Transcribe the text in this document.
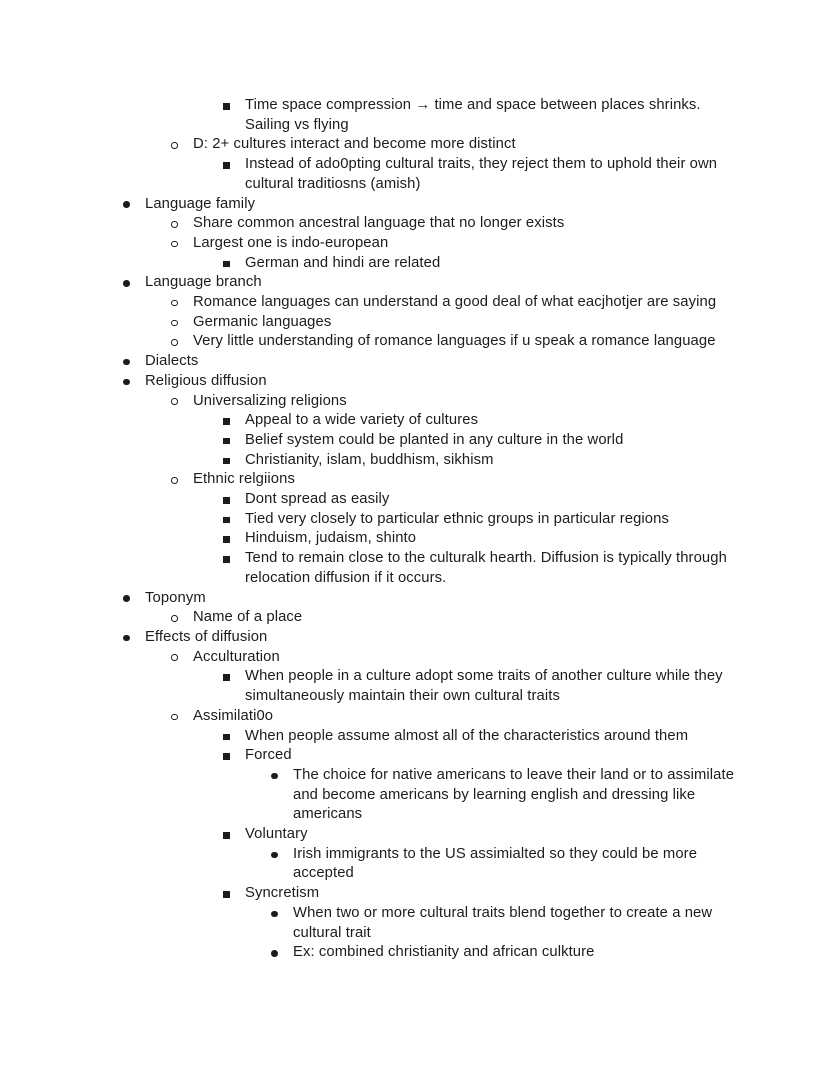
Time space compression → time and space between places shrinks.
Sailing vs flying
D: 2+ cultures interact and become more distinct
Instead of ado0pting cultural traits, they reject them to uphold their own
cultural traditiosns (amish)
Language family
Share common ancestral language that no longer exists
Largest one is indo-european
German and hindi are related
Language branch
Romance languages can understand a good deal of what eacjhotjer are saying
Germanic languages
Very little understanding of romance languages if u speak a romance language
Dialects
Religious diffusion
Universalizing religions
Appeal to a wide variety of cultures
Belief system could be planted in any culture in the world
Christianity, islam, buddhism, sikhism
Ethnic relgiions
Dont spread as easily
Tied very closely to particular ethnic groups in particular regions
Hinduism, judaism, shinto
Tend to remain close to the culturalk hearth. Diffusion is typically through
relocation diffusion if it occurs.
Toponym
Name of a place
Effects of diffusion
Acculturation
When people in a culture adopt some traits of another culture while they
simultaneously maintain their own cultural traits
Assimilati0o
When people assume almost all of the characteristics around them
Forced
The choice for native americans to leave their land or to assimilate
and become americans by learning english and dressing like
americans
Voluntary
Irish immigrants to the US assimialted so they could be more
accepted
Syncretism
When two or more cultural traits blend together to create a new
cultural trait
Ex: combined christianity and african culkture
